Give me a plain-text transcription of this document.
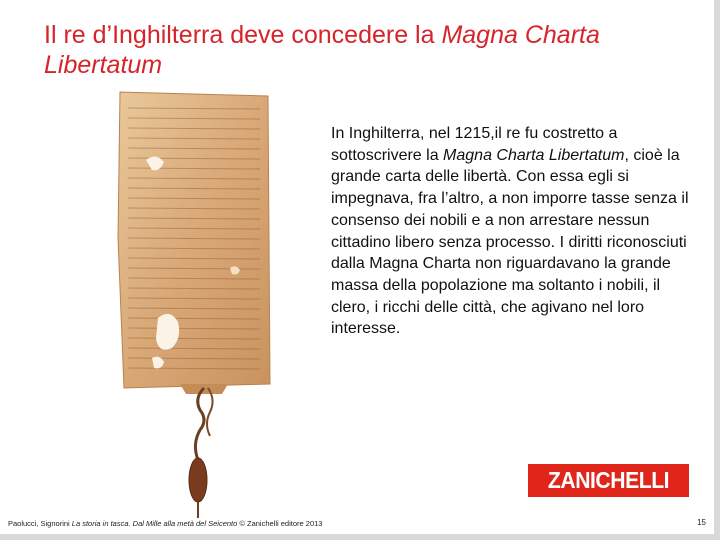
Il re d’Inghilterra deve concedere la Magna Charta Libertatum
In Inghilterra, nel 1215,il re fu costretto a sottoscrivere la Magna Charta Libertatum, cioè la grande carta delle libertà. Con essa egli si impegnava, fra l’altro, a non imporre tasse senza il consenso dei nobili e a non arrestare nessun cittadino libero senza processo. I diritti riconosciuti dalla Magna Charta non riguardavano la grande massa della popolazione ma soltanto i nobili, il clero, i ricchi delle città, che agivano nel loro interesse.
ZANICHELLI
Paolucci, Signorini La storia in tasca. Dal Mille alla metà del Seicento © Zanichelli editore 2013	15
